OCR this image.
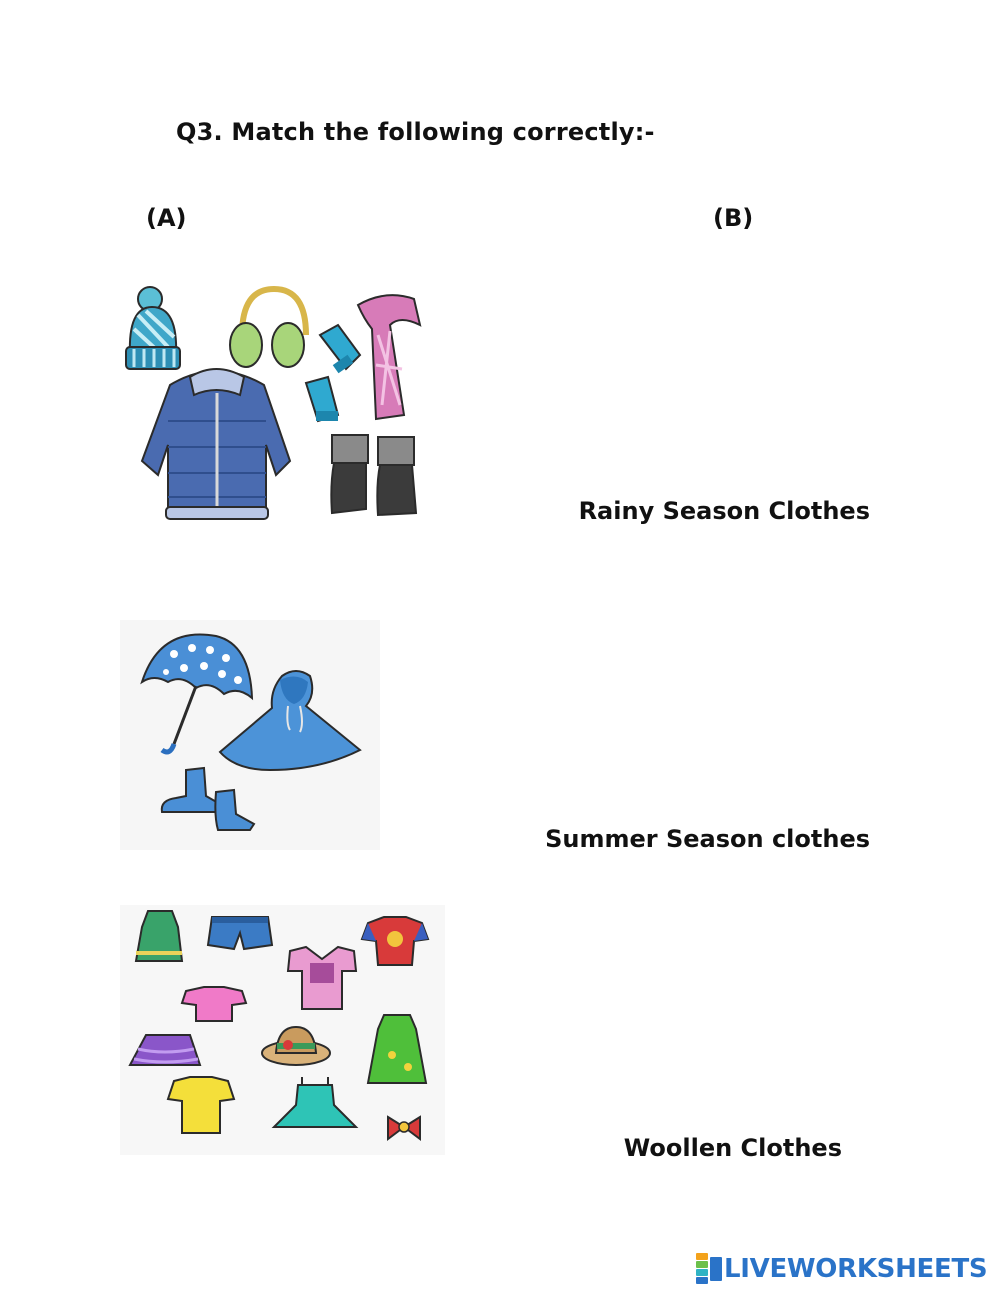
Q3. Match the following correctly:-
(A)	(B)
Rainy Season Clothes
Summer Season clothes
Woollen Clothes
LIVEWORKSHEETS
